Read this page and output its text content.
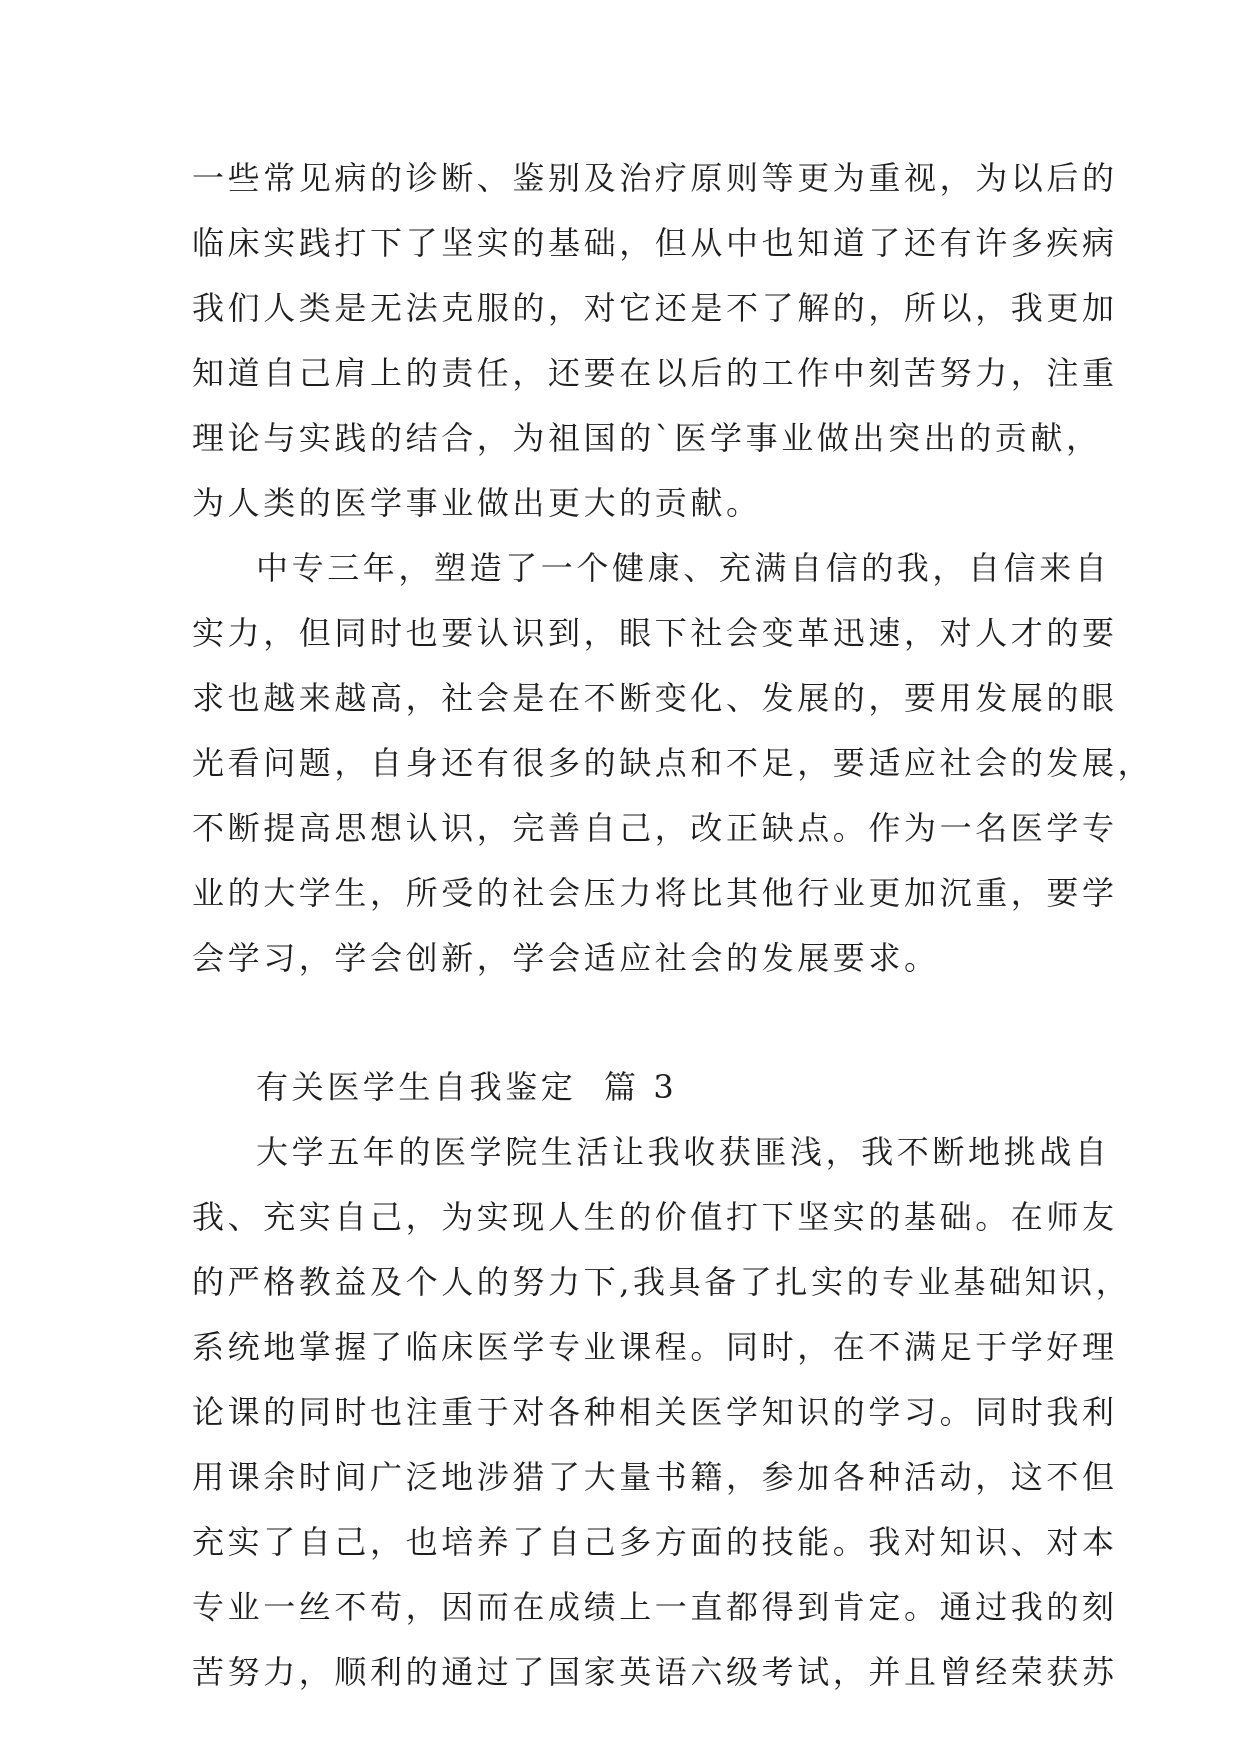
一些常见病的诊断、鉴别及治疗原则等更为重视，为以后的

临床实践打下了坚实的基础，但从中也知道了还有许多疾病

我们人类是无法克服的，对它还是不了解的，所以，我更加

知道自己肩上的责任，还要在以后的工作中刻苦努力，注重

理论与实践的结合，为祖国的`医学事业做出突出的贡献，

为人类的医学事业做出更大的贡献。

中专三年，塑造了一个健康、充满自信的我，自信来自

实力，但同时也要认识到，眼下社会变革迅速，对人才的要

求也越来越高，社会是在不断变化、发展的，要用发展的眼

光看问题，自身还有很多的缺点和不足，要适应社会的发展，

不断提高思想认识，完善自己，改正缺点。作为一名医学专

业的大学生，所受的社会压力将比其他行业更加沉重，要学

会学习，学会创新，学会适应社会的发展要求。

有关医学生自我鉴定  篇 3

大学五年的医学院生活让我收获匪浅，我不断地挑战自

我、充实自己，为实现人生的价值打下坚实的基础。在师友

的严格教益及个人的努力下,我具备了扎实的专业基础知识，

系统地掌握了临床医学专业课程。同时，在不满足于学好理

论课的同时也注重于对各种相关医学知识的学习。同时我利

用课余时间广泛地涉猎了大量书籍，参加各种活动，这不但

充实了自己，也培养了自己多方面的技能。我对知识、对本

专业一丝不苟，因而在成绩上一直都得到肯定。通过我的刻

苦努力，顺利的通过了国家英语六级考试，并且曾经荣获苏
